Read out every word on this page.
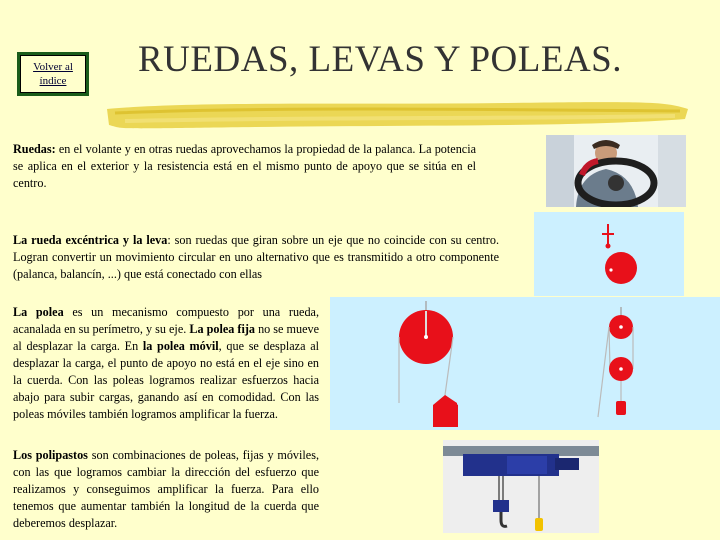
Volver al
índice
RUEDAS, LEVAS Y POLEAS.
Ruedas: en el volante y en otras ruedas aprovechamos la propiedad de la palanca. La potencia se aplica en el exterior y la resistencia está en el mismo punto de apoyo que se sitúa en el centro.
La rueda excéntrica y la leva: son ruedas que giran sobre un eje que no coincide con su centro. Logran convertir un movimiento circular en uno alternativo que es transmitido a otro componente (palanca, balancín, ...) que está conectado con ellas
La polea es un mecanismo compuesto por una rueda, acanalada en su perímetro, y su eje. La polea fija no se mueve al desplazar la carga. En la polea móvil, que se desplaza al desplazar la carga, el punto de apoyo no está en el eje sino en la cuerda. Con las poleas logramos realizar esfuerzos hacia abajo para subir cargas, ganando así en comodidad. Con las poleas móviles también logramos amplificar la fuerza.
Los polipastos son combinaciones de poleas, fijas y móviles, con las que logramos cambiar la dirección del esfuerzo que realizamos y conseguimos amplificar la fuerza. Para ello tenemos que aumentar también la longitud de la cuerda que deberemos desplazar.
